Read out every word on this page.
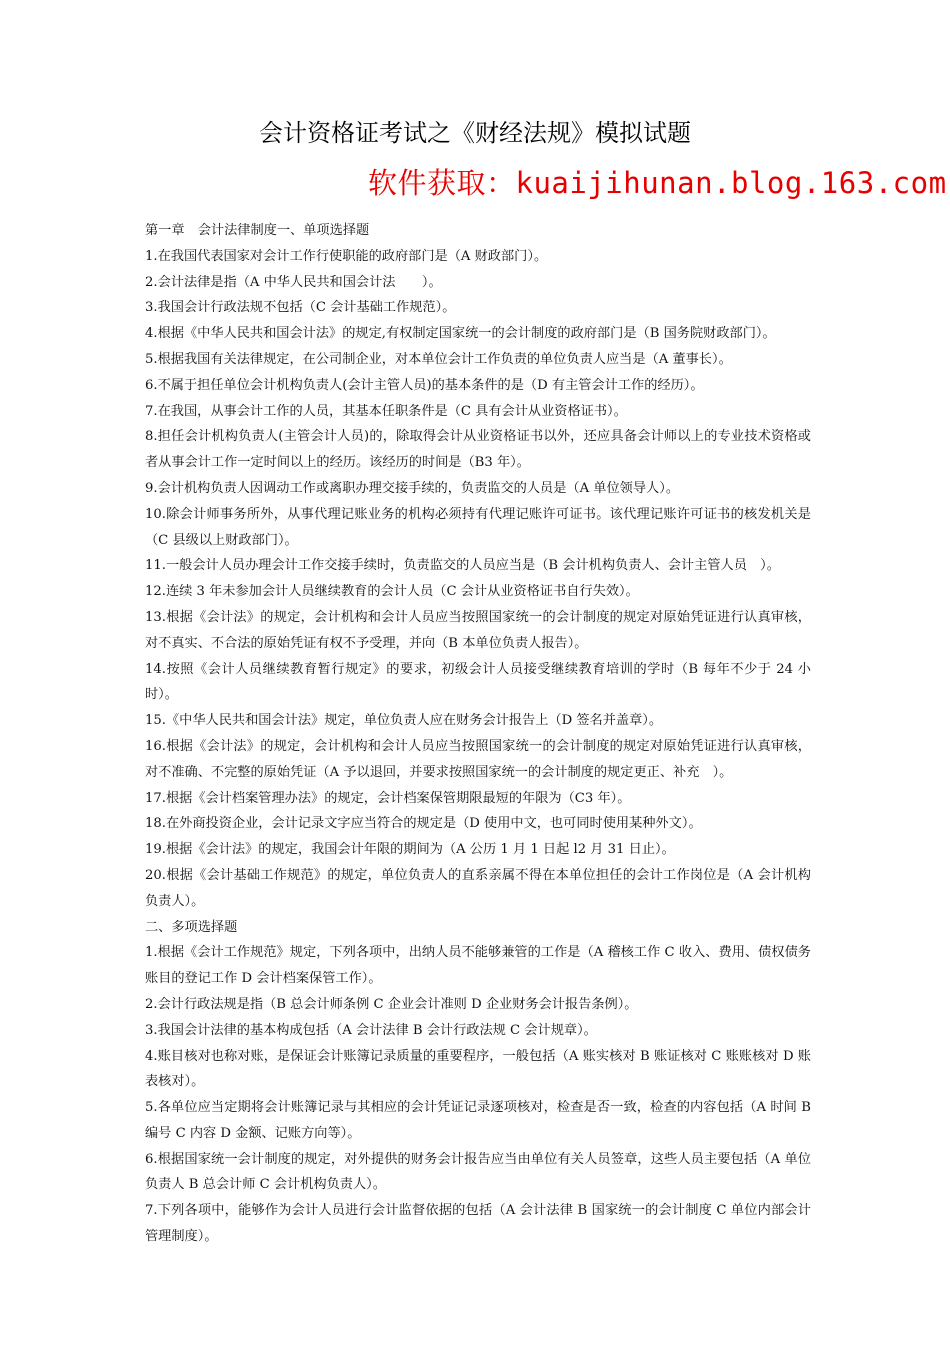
会计资格证考试之《财经法规》模拟试题
软件获取：kuaijihunan.blog.163.com

第一章　会计法律制度一、单项选择题

1.在我国代表国家对会计工作行使职能的政府部门是（A 财政部门）。

2.会计法律是指（A 中华人民共和国会计法　　）。

3.我国会计行政法规不包括（C 会计基础工作规范）。

4.根据《中华人民共和国会计法》的规定,有权制定国家统一的会计制度的政府部门是（B 国务院财政部门）。

5.根据我国有关法律规定，在公司制企业，对本单位会计工作负责的单位负责人应当是（A 董事长）。

6.不属于担任单位会计机构负责人(会计主管人员)的基本条件的是（D 有主管会计工作的经历）。

7.在我国，从事会计工作的人员，其基本任职条件是（C 具有会计从业资格证书）。

8.担任会计机构负责人(主管会计人员)的，除取得会计从业资格证书以外，还应具备会计师以上的专业技术资格或者从事会计工作一定时间以上的经历。该经历的时间是（B3 年）。

9.会计机构负责人因调动工作或离职办理交接手续的，负责监交的人员是（A 单位领导人）。

10.除会计师事务所外，从事代理记账业务的机构必须持有代理记账许可证书。该代理记账许可证书的核发机关是（C 县级以上财政部门）。

11.一般会计人员办理会计工作交接手续时，负责监交的人员应当是（B 会计机构负责人、会计主管人员　）。

12.连续 3 年未参加会计人员继续教育的会计人员（C 会计从业资格证书自行失效）。

13.根据《会计法》的规定，会计机构和会计人员应当按照国家统一的会计制度的规定对原始凭证进行认真审核，对不真实、不合法的原始凭证有权不予受理，并向（B 本单位负责人报告）。

14.按照《会计人员继续教育暂行规定》的要求，初级会计人员接受继续教育培训的学时（B 每年不少于 24 小时）。

15.《中华人民共和国会计法》规定，单位负责人应在财务会计报告上（D 签名并盖章）。

16.根据《会计法》的规定，会计机构和会计人员应当按照国家统一的会计制度的规定对原始凭证进行认真审核，对不准确、不完整的原始凭证（A 予以退回，并要求按照国家统一的会计制度的规定更正、补充　）。

17.根据《会计档案管理办法》的规定，会计档案保管期限最短的年限为（C3 年）。

18.在外商投资企业，会计记录文字应当符合的规定是（D 使用中文，也可同时使用某种外文）。

19.根据《会计法》的规定，我国会计年限的期间为（A 公历 1 月 1 日起 l2 月 31 日止）。

20.根据《会计基础工作规范》的规定，单位负责人的直系亲属不得在本单位担任的会计工作岗位是（A 会计机构负责人）。

二、多项选择题

1.根据《会计工作规范》规定，下列各项中，出纳人员不能够兼管的工作是（A 稽核工作 C 收入、费用、债权债务账目的登记工作 D 会计档案保管工作）。

2.会计行政法规是指（B 总会计师条例 C 企业会计准则 D 企业财务会计报告条例）。

3.我国会计法律的基本构成包括（A 会计法律 B 会计行政法规 C 会计规章）。

4.账目核对也称对账，是保证会计账簿记录质量的重要程序，一般包括（A 账实核对 B 账证核对 C 账账核对 D 账表核对）。

5.各单位应当定期将会计账簿记录与其相应的会计凭证记录逐项核对，检查是否一致，检查的内容包括（A 时间 B 编号 C 内容 D 金额、记账方向等）。

6.根据国家统一会计制度的规定，对外提供的财务会计报告应当由单位有关人员签章，这些人员主要包括（A 单位负责人 B 总会计师 C 会计机构负责人）。

7.下列各项中，能够作为会计人员进行会计监督依据的包括（A 会计法律 B 国家统一的会计制度 C 单位内部会计管理制度）。
